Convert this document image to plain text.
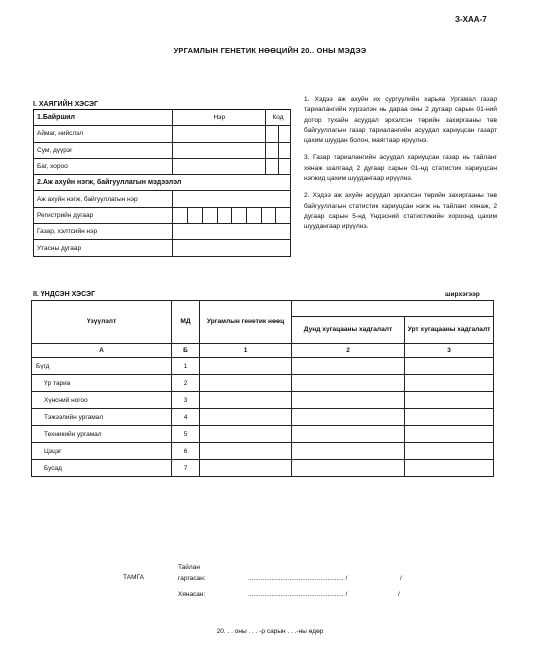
З-ХАА-7
УРГАМЛЫН ГЕНЕТИК НӨӨЦИЙН 20.. ОНЫ МЭДЭЭ
I. ХАЯГИЙН ХЭСЭГ
1.Байршил	Нэр	Код	
Аймаг, нийслэл			
Сум, дүүрэг			
Баг, хороо			
2.Аж ахуйн нэгж, байгууллагын мэдээлэл			
Аж ахуйн нэгж, байгууллагын нэр			
Регистрийн дугаар			

Газар, хэлтсийн нэр			
Утасны дугаар			

1. Хэдээ аж ахуйн их сургуулийн харьяа Ургамал газар тариалангийн хүрээлэн нь дараа оны 2 дугаар сарын 01-ний дотор тухайн асуудал эрхэлсэн төрийн захиргааны төв байгууллагын газар тариалангийн асуудал хариуцсан газарт цахим шуудан болон, маягтаар ирүүлнэ.

3. Газар тариалангийн асуудал хариуцсан газар нь тайланг хянаж шалгаад 2 дугаар сарын 01-нд статистик хариуцсан нэгжид цахим шуудангаар ирүүлнэ.

2. Хэдээ аж ахуйн асуудал эрхэлсэн төрийн захиргааны төв байгууллагын статистик хариуцсан нэгж нь тайланг хянаж, 2 дугаар сарын 5-нд Үндэсний статистикийн хороонд цахим шуудангаар ирүүлнэ.

II. ҮНДСЭН ХЭСЭГ	ширхэгээр
Үзүүлэлт	МД	Ургамлын генетик нөөц		
			Дунд хугацааны хадгалалт	Урт хугацааны хадгалалт
А	Б	1	2	3
Бүгд	1			
Үр тариа	2			
Хүнсний ногоо	3			
Тэжээлийн ургамал	4			
Техникийн ургамал	5			
Цэцэг	6			
Бусад	7			
ТАМГА
Тайлан
гаргасан:	..................................................... /	/
Хянасан:	..................................................... /	/
20. . . оны . . . -р сарын . . .-ны өдөр
